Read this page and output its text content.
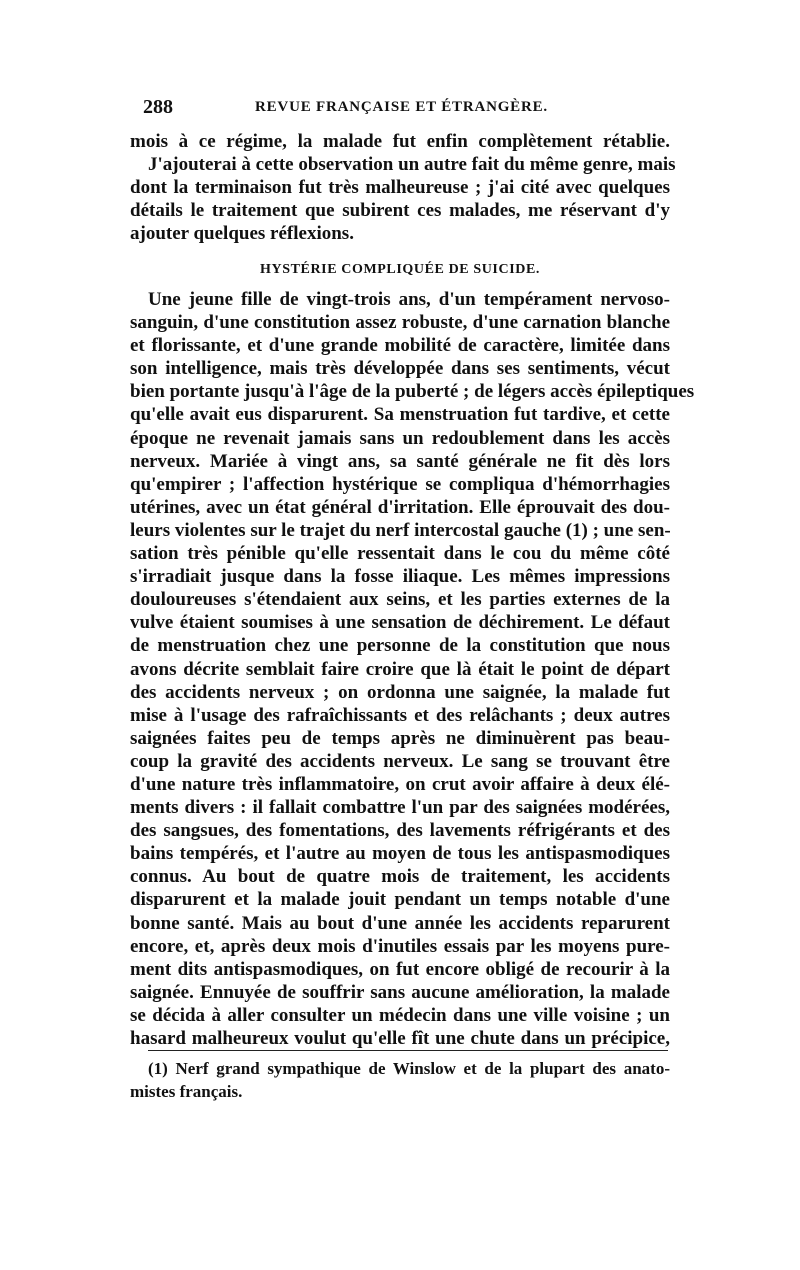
288	REVUE FRANÇAISE ET ÉTRANGÈRE.
mois à ce régime, la malade fut enfin complètement rétablie.
J'ajouterai à cette observation un autre fait du même genre, mais
dont la terminaison fut très malheureuse ; j'ai cité avec quelques
détails le traitement que subirent ces malades, me réservant d'y
ajouter quelques réflexions.
HYSTÉRIE COMPLIQUÉE DE SUICIDE.
Une jeune fille de vingt-trois ans, d'un tempérament nervoso-
sanguin, d'une constitution assez robuste, d'une carnation blanche
et florissante, et d'une grande mobilité de caractère, limitée dans
son intelligence, mais très développée dans ses sentiments, vécut
bien portante jusqu'à l'âge de la puberté ; de légers accès épileptiques
qu'elle avait eus disparurent. Sa menstruation fut tardive, et cette
époque ne revenait jamais sans un redoublement dans les accès
nerveux. Mariée à vingt ans, sa santé générale ne fit dès lors
qu'empirer ; l'affection hystérique se compliqua d'hémorrhagies
utérines, avec un état général d'irritation. Elle éprouvait des dou-
leurs violentes sur le trajet du nerf intercostal gauche (1) ; une sen-
sation très pénible qu'elle ressentait dans le cou du même côté
s'irradiait jusque dans la fosse iliaque. Les mêmes impressions
douloureuses s'étendaient aux seins, et les parties externes de la
vulve étaient soumises à une sensation de déchirement. Le défaut
de menstruation chez une personne de la constitution que nous
avons décrite semblait faire croire que là était le point de départ
des accidents nerveux ; on ordonna une saignée, la malade fut
mise à l'usage des rafraîchissants et des relâchants ; deux autres
saignées faites peu de temps après ne diminuèrent pas beau-
coup la gravité des accidents nerveux. Le sang se trouvant être
d'une nature très inflammatoire, on crut avoir affaire à deux élé-
ments divers : il fallait combattre l'un par des saignées modérées,
des sangsues, des fomentations, des lavements réfrigérants et des
bains tempérés, et l'autre au moyen de tous les antispasmodiques
connus. Au bout de quatre mois de traitement, les accidents
disparurent et la malade jouit pendant un temps notable d'une
bonne santé. Mais au bout d'une année les accidents reparurent
encore, et, après deux mois d'inutiles essais par les moyens pure-
ment dits antispasmodiques, on fut encore obligé de recourir à la
saignée. Ennuyée de souffrir sans aucune amélioration, la malade
se décida à aller consulter un médecin dans une ville voisine ; un
hasard malheureux voulut qu'elle fît une chute dans un précipice,
(1) Nerf grand sympathique de Winslow et de la plupart des anato-
mistes français.
